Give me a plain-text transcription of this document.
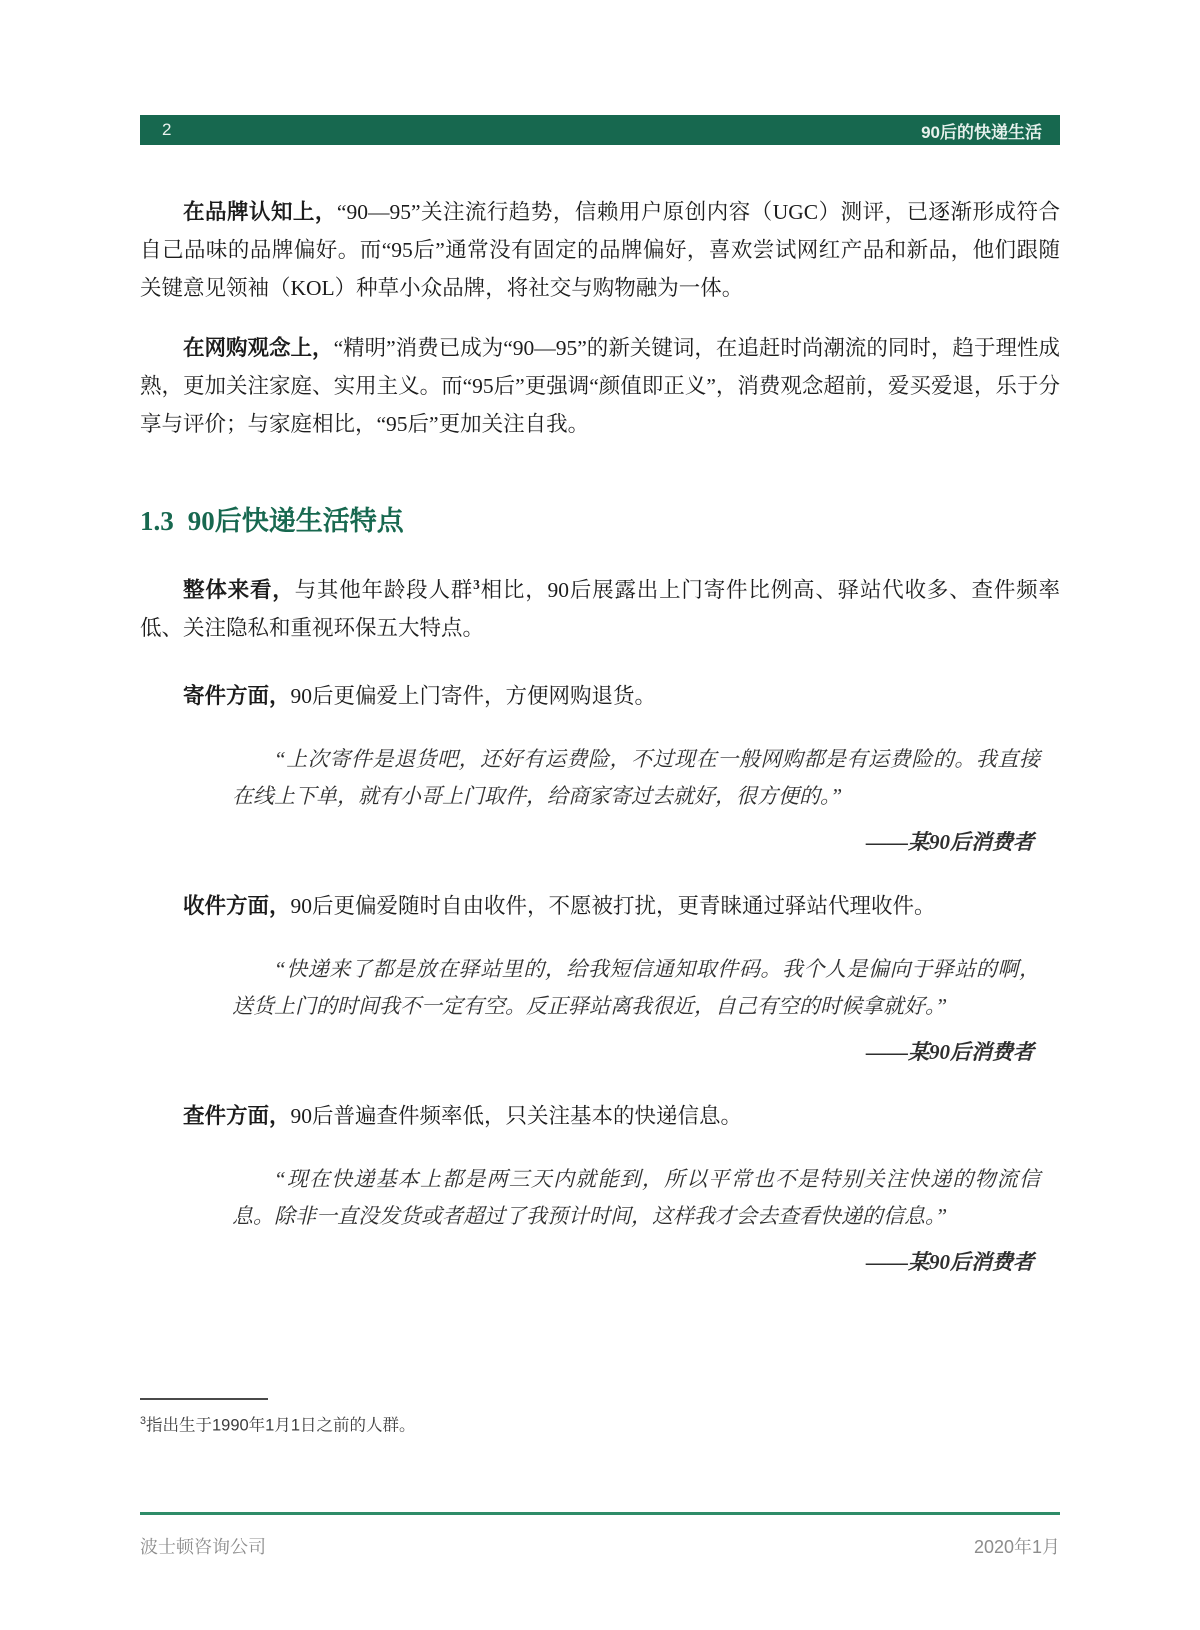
2	90后的快递生活

在品牌认知上，“90—95”关注流行趋势，信赖用户原创内容（UGC）测评，已逐渐形成符合自己品味的品牌偏好。而“95后”通常没有固定的品牌偏好，喜欢尝试网红产品和新品，他们跟随关键意见领袖（KOL）种草小众品牌，将社交与购物融为一体。

在网购观念上，“精明”消费已成为“90—95”的新关键词，在追赶时尚潮流的同时，趋于理性成熟，更加关注家庭、实用主义。而“95后”更强调“颜值即正义”，消费观念超前，爱买爱退，乐于分享与评价；与家庭相比，“95后”更加关注自我。

1.3 90后快递生活特点

整体来看，与其他年龄段人群$^3$相比，90后展露出上门寄件比例高、驿站代收多、查件频率低、关注隐私和重视环保五大特点。

寄件方面，90后更偏爱上门寄件，方便网购退货。

“上次寄件是退货吧，还好有运费险，不过现在一般网购都是有运费险的。我直接在线上下单，就有小哥上门取件，给商家寄过去就好，很方便的。”

——某90后消费者

收件方面，90后更偏爱随时自由收件，不愿被打扰，更青睐通过驿站代理收件。

“快递来了都是放在驿站里的，给我短信通知取件码。我个人是偏向于驿站的啊，送货上门的时间我不一定有空。反正驿站离我很近，自己有空的时候拿就好。”

——某90后消费者

查件方面，90后普遍查件频率低，只关注基本的快递信息。

“现在快递基本上都是两三天内就能到，所以平常也不是特别关注快递的物流信息。除非一直没发货或者超过了我预计时间，这样我才会去查看快递的信息。”

——某90后消费者

$^3$指出生于1990年1月1日之前的人群。
波士顿咨询公司	2020年1月
